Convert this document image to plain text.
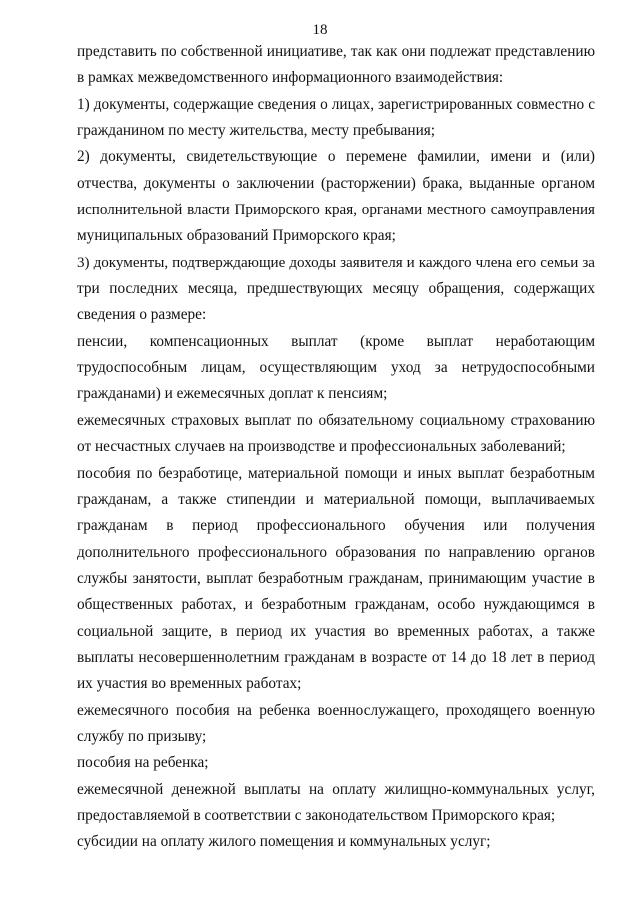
18
представить по собственной инициативе, так как они подлежат представлению
в рамках межведомственного информационного взаимодействия:
1) документы, содержащие сведения о лицах, зарегистрированных совместно с
гражданином по месту жительства, месту пребывания;
2) документы, свидетельствующие о перемене фамилии, имени и (или)
отчества, документы о заключении (расторжении) брака, выданные органом
исполнительной власти Приморского края, органами местного самоуправления
муниципальных образований Приморского края;
3) документы, подтверждающие доходы заявителя и каждого члена его семьи за
три последних месяца, предшествующих месяцу обращения, содержащих
сведения о размере:
пенсии, компенсационных выплат (кроме выплат неработающим
трудоспособным лицам, осуществляющим уход за нетрудоспособными
гражданами) и ежемесячных доплат к пенсиям;
ежемесячных страховых выплат по обязательному социальному страхованию
от несчастных случаев на производстве и профессиональных заболеваний;
пособия по безработице, материальной помощи и иных выплат безработным
гражданам, а также стипендии и материальной помощи, выплачиваемых
гражданам в период профессионального обучения или получения
дополнительного профессионального образования по направлению органов
службы занятости, выплат безработным гражданам, принимающим участие в
общественных работах, и безработным гражданам, особо нуждающимся в
социальной защите, в период их участия во временных работах, а также
выплаты несовершеннолетним гражданам в возрасте от 14 до 18 лет в период
их участия во временных работах;
ежемесячного пособия на ребенка военнослужащего, проходящего военную
службу по призыву;
пособия на ребенка;
ежемесячной денежной выплаты на оплату жилищно-коммунальных услуг,
предоставляемой в соответствии с законодательством Приморского края;
субсидии на оплату жилого помещения и коммунальных услуг;
